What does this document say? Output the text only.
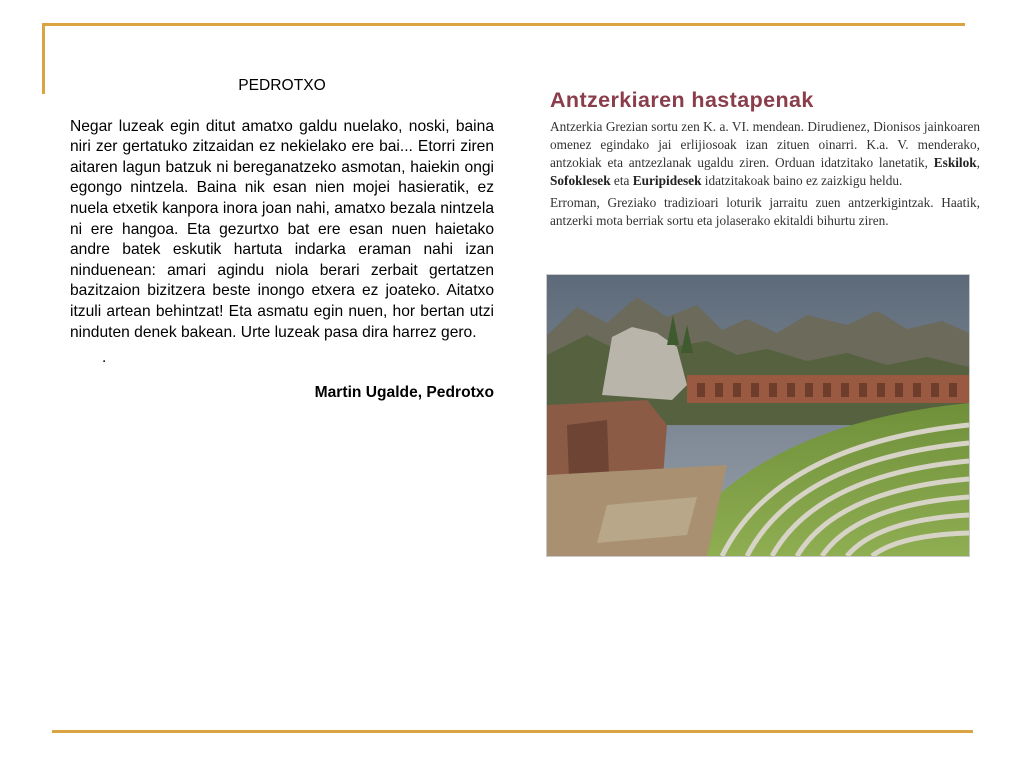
PEDROTXO

Negar luzeak egin ditut amatxo galdu nuelako, noski, baina niri zer gertatuko zitzaidan ez nekielako ere bai... Etorri ziren aitaren lagun batzuk ni bereganatzeko asmotan, haiekin ongi egongo nintzela. Baina nik esan nien mojei hasieratik, ez nuela etxetik kanpora inora joan nahi, amatxo bezala nintzela ni ere hangoa. Eta gezurtxo bat ere esan nuen haietako andre batek eskutik hartuta indarka eraman nahi izan ninduenean: amari agindu niola berari zerbait gertatzen bazitzaion bizitzera beste inongo etxera ez joateko. Aitatxo itzuli artean behintzat! Eta asmatu egin nuen, hor bertan utzi ninduten denek bakean. Urte luzeak pasa dira harrez gero.

.

Martin Ugalde, Pedrotxo

Antzerkiaren hastapenak

Antzerkia Grezian sortu zen K. a. VI. mendean. Dirudienez, Dionisos jainkoaren omenez egindako jai erlijiosoak izan zituen oinarri. K.a. V. menderako, antzokiak eta antzezlanak ugaldu ziren. Orduan idatzitako lanetatik, Eskilok, Sofoklesek eta Euripidesek idatzitakoak baino ez zaizkigu heldu.

Erroman, Greziako tradizioari loturik jarraitu zuen antzerkigintzak. Haatik, antzerki mota berriak sortu eta jolaserako ekitaldi bihurtu ziren.
